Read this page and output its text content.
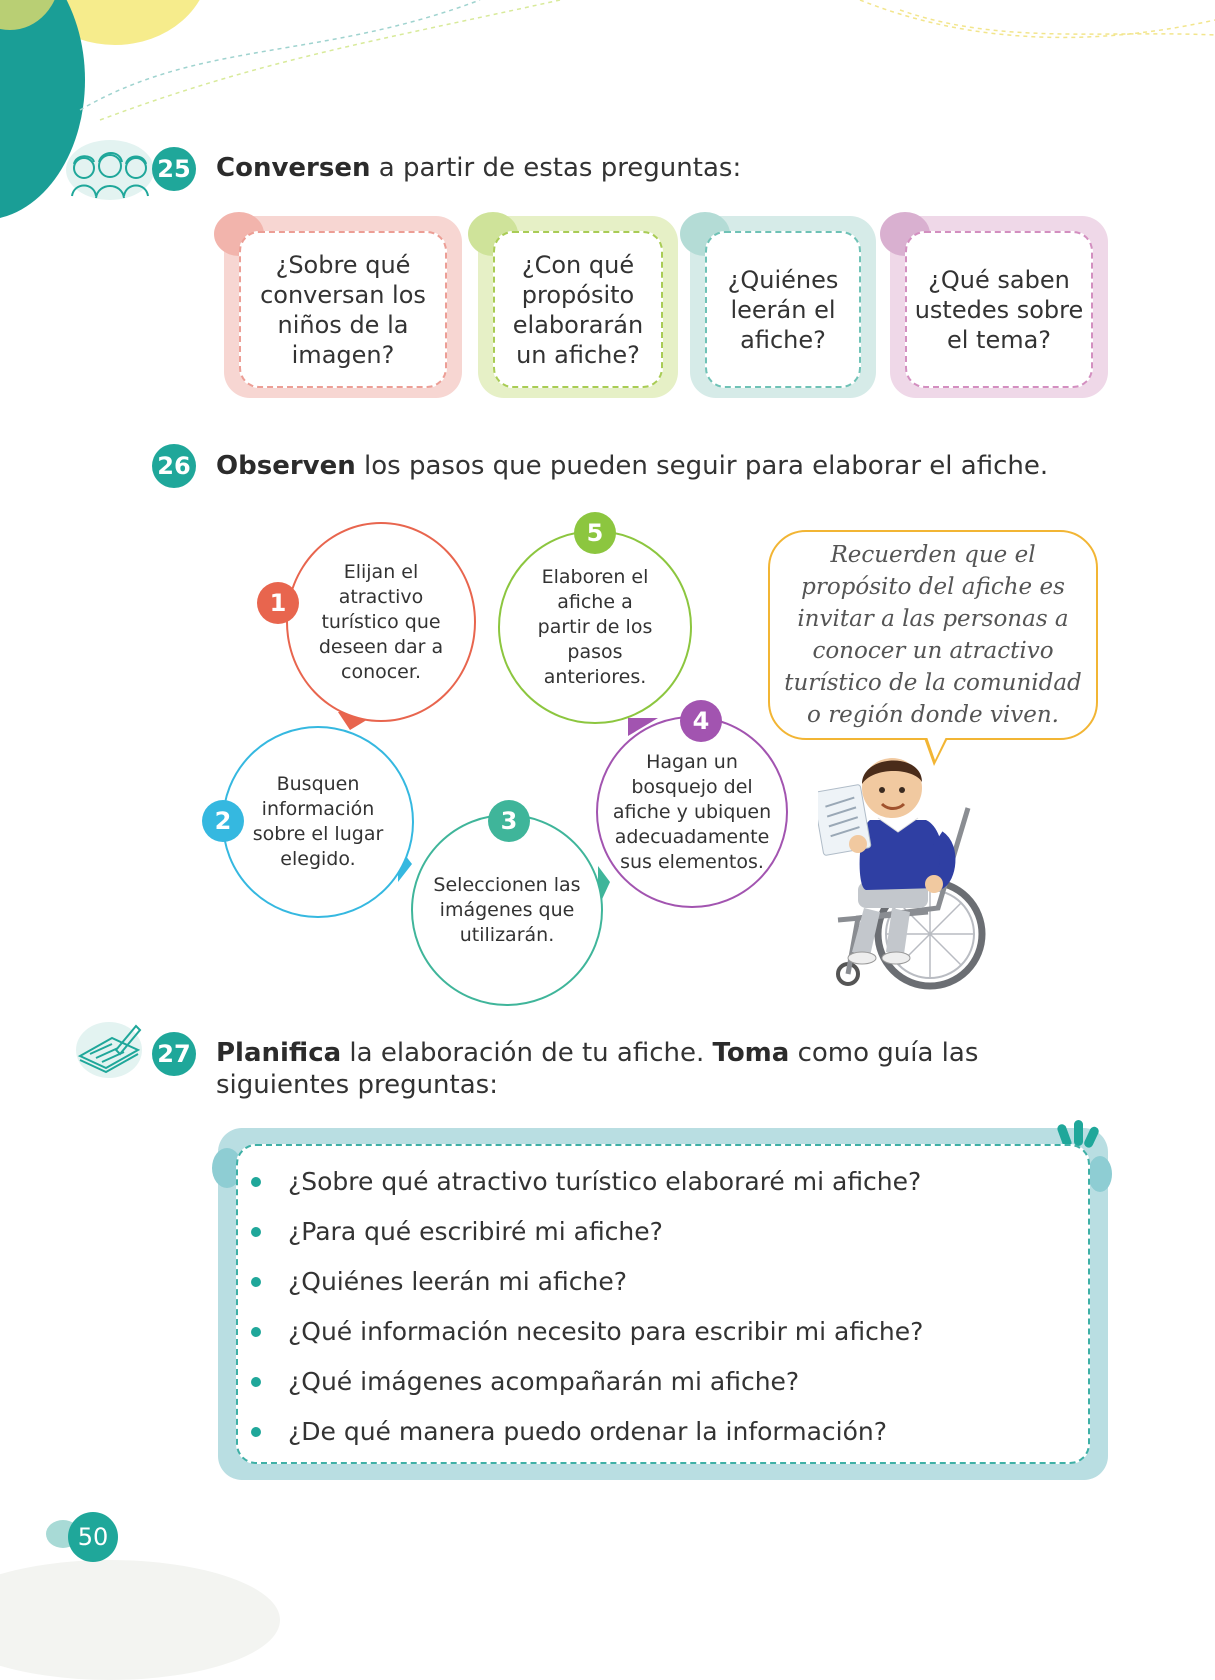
25 Conversen a partir de estas preguntas:
¿Sobre qué conversan los niños de la imagen?
¿Con qué propósito elaborarán un afiche?
¿Quiénes leerán el afiche?
¿Qué saben ustedes sobre el tema?
26 Observen los pasos que pueden seguir para elaborar el afiche.
Elijan el atractivo turístico que deseen dar a conocer.
1
Busquen información sobre el lugar elegido.
2
Seleccionen las imágenes que utilizarán.
3
Hagan un bosquejo del afiche y ubiquen adecuadamente sus elementos.
4
Elaboren el afiche a partir de los pasos anteriores.
5
Recuerden que el propósito del afiche es invitar a las personas a conocer un atractivo turístico de la comunidad o región donde viven.
27 Planifica la elaboración de tu afiche. Toma como guía las siguientes preguntas:
¿Sobre qué atractivo turístico elaboraré mi afiche?
¿Para qué escribiré mi afiche?
¿Quiénes leerán mi afiche?
¿Qué información necesito para escribir mi afiche?
¿Qué imágenes acompañarán mi afiche?
¿De qué manera puedo ordenar la información?
50
